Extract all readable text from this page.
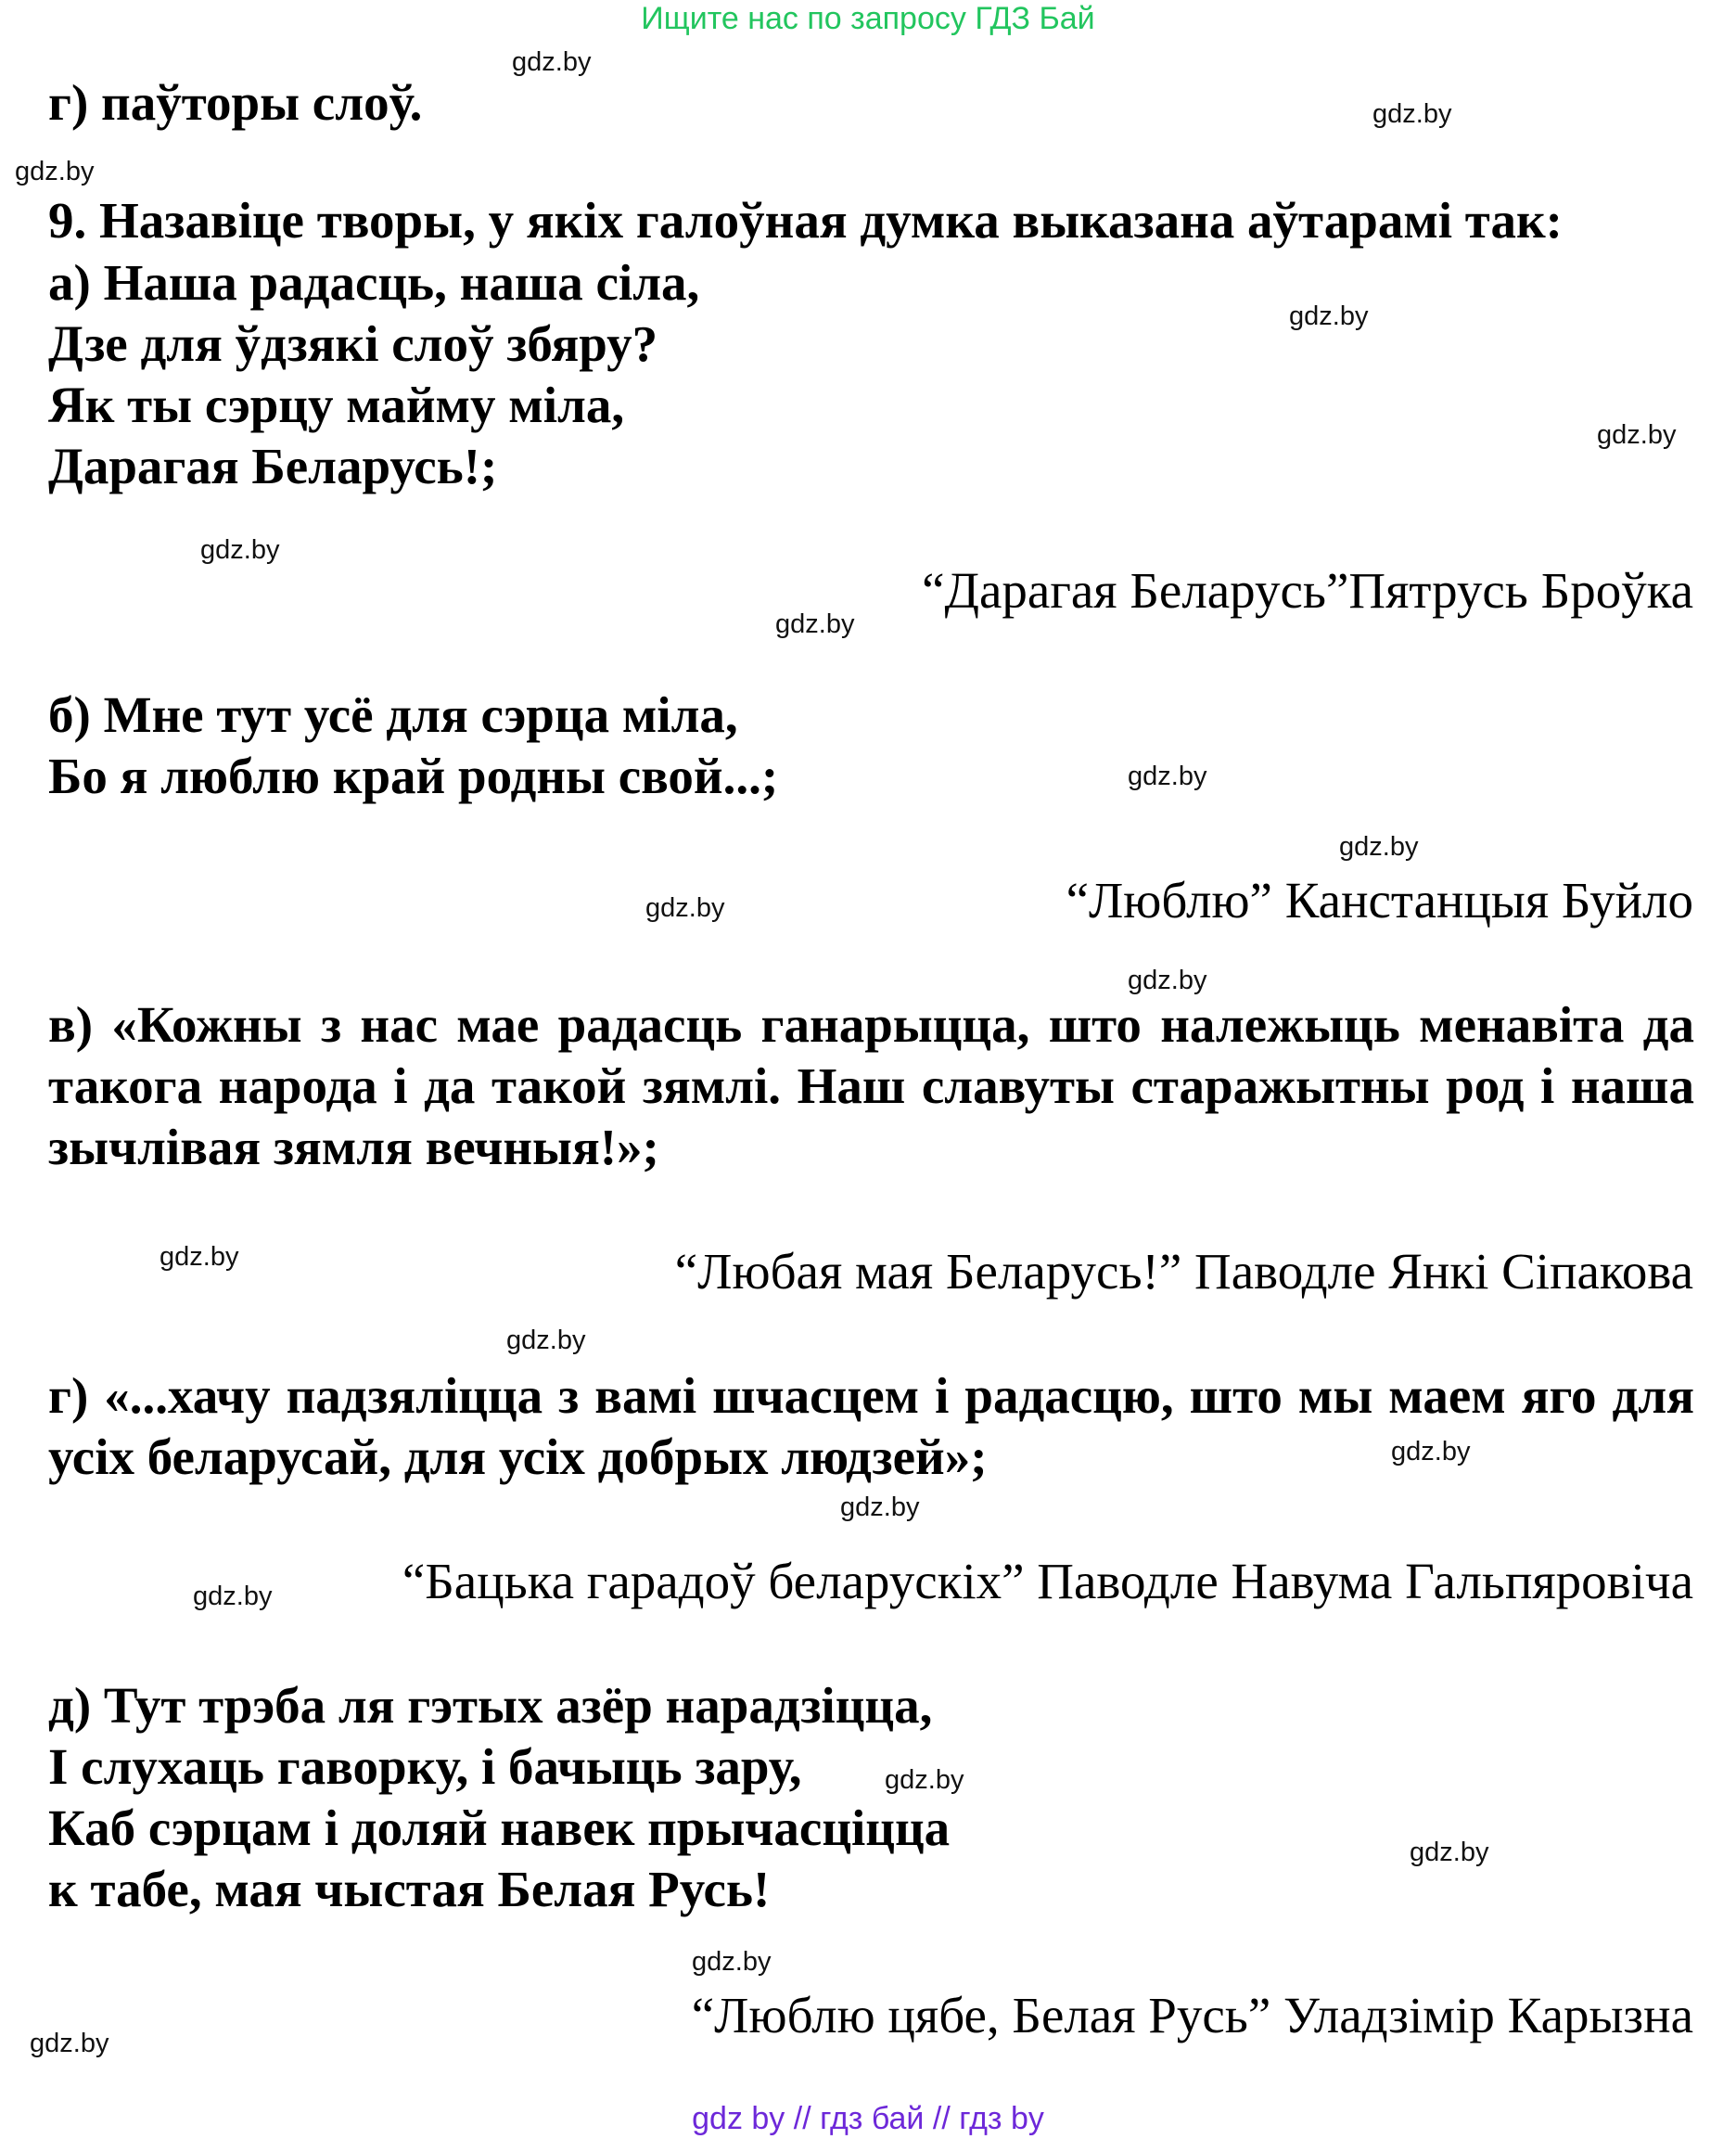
Ищите нас по запросу ГДЗ Бай
gdz.by
gdz.by
gdz.by
gdz.by
gdz.by
gdz.by
gdz.by
gdz.by
gdz.by
gdz.by
gdz.by
gdz.by
gdz.by
gdz.by
gdz.by
gdz.by
gdz.by
gdz.by
gdz.by
gdz.by
г) паўторы слоў.
9. Назавіце творы, у якіх галоўная думка выказана аўтарамі так:
а) Наша радасць, наша сіла,
Дзе для ўдзякі слоў збяру?
Як ты сэрцу майму міла,
Дарагая Беларусь!;
“Дарагая Беларусь”Пятрусь Броўка
б) Мне тут усё для сэрца міла,
Бо я люблю край родны свой...;
“Люблю” Канстанцыя Буйло
в) «Кожны з нас мае радасць ганарыцца, што належыць менавіта да такога народа і да такой зямлі. Наш славуты старажытны род і наша зычлівая зямля вечныя!»;
“Любая мая Беларусь!” Паводле Янкі Сіпакова
г) «...хачу падзяліцца з вамі шчасцем і радасцю, што мы маем яго для усіх беларусай, для усіх добрых людзей»;
“Бацька гарадоў беларускіх” Паводле Навума Гальпяровіча
д) Тут трэба ля гэтых азёр нарадзіцца,
І слухаць гаворку, і бачыць зару,
Каб сэрцам і доляй навек прычасціцца
к табе, мая чыстая Белая Русь!
“Люблю цябе, Белая Русь” Уладзімір Карызна
gdz by // гдз бай // гдз by
